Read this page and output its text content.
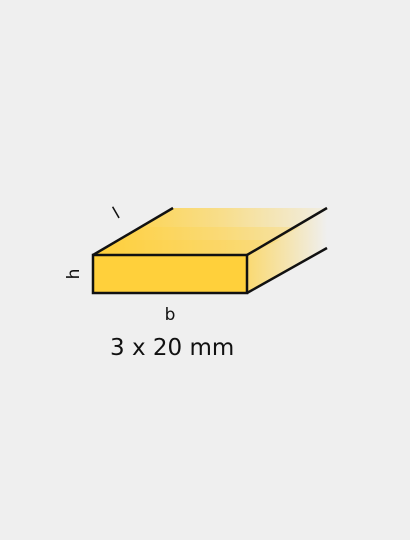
l
h
b
3 x 20 mm
